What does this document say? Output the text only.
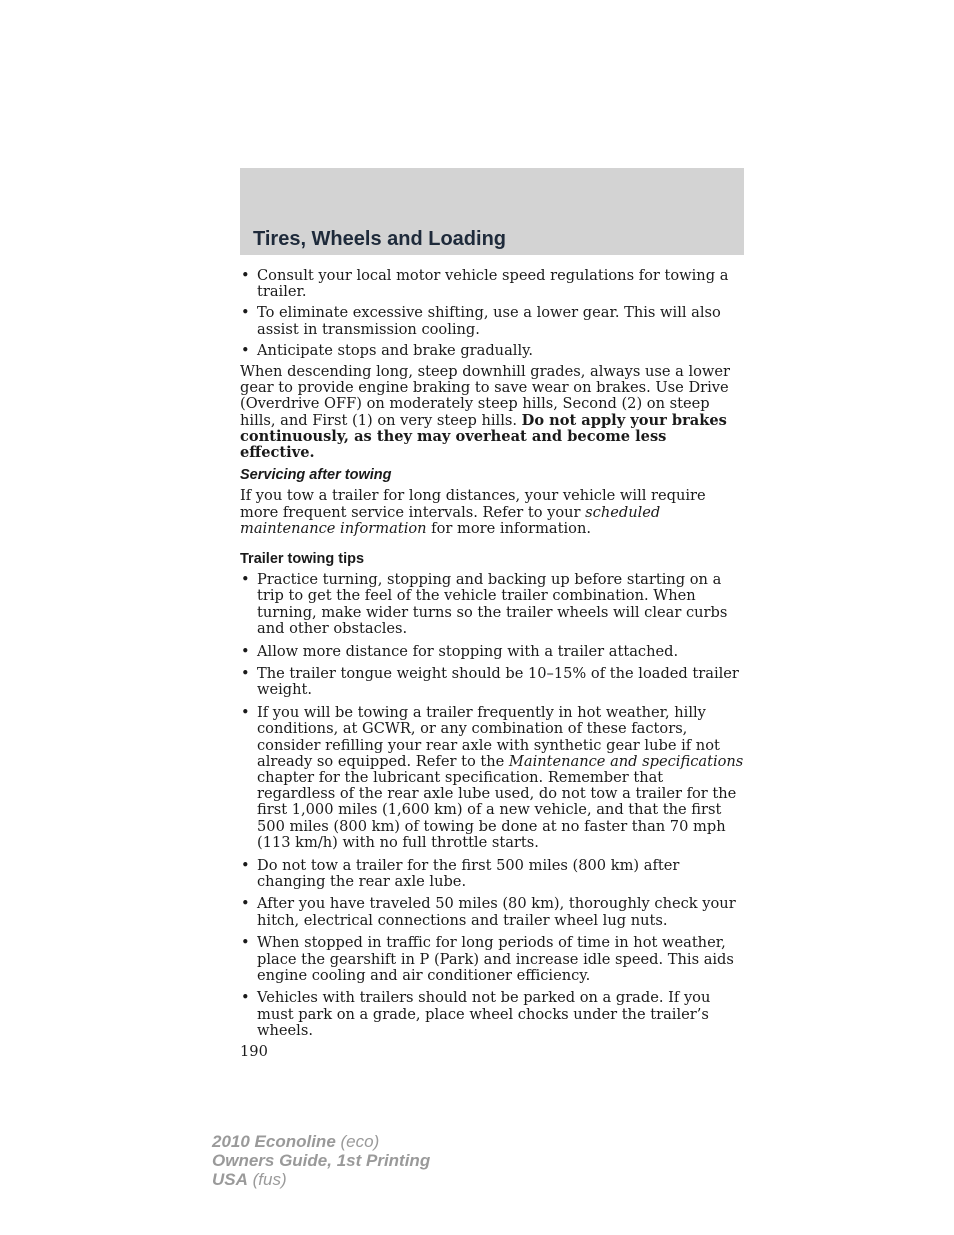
Tires, Wheels and Loading
• Consult your local motor vehicle speed regulations for towing a trailer.
• To eliminate excessive shifting, use a lower gear. This will also assist in transmission cooling.
• Anticipate stops and brake gradually.

When descending long, steep downhill grades, always use a lower gear to provide engine braking to save wear on brakes. Use Drive (Overdrive OFF) on moderately steep hills, Second (2) on steep hills, and First (1) on very steep hills. Do not apply your brakes continuously, as they may overheat and become less effective.

Servicing after towing

If you tow a trailer for long distances, your vehicle will require more frequent service intervals. Refer to your scheduled maintenance information for more information.

Trailer towing tips
• Practice turning, stopping and backing up before starting on a trip to get the feel of the vehicle trailer combination. When turning, make wider turns so the trailer wheels will clear curbs and other obstacles.
• Allow more distance for stopping with a trailer attached.
• The trailer tongue weight should be 10–15% of the loaded trailer weight.
• If you will be towing a trailer frequently in hot weather, hilly conditions, at GCWR, or any combination of these factors, consider refilling your rear axle with synthetic gear lube if not already so equipped. Refer to the Maintenance and specifications chapter for the lubricant specification. Remember that regardless of the rear axle lube used, do not tow a trailer for the first 1,000 miles (1,600 km) of a new vehicle, and that the first 500 miles (800 km) of towing be done at no faster than 70 mph (113 km/h) with no full throttle starts.
• Do not tow a trailer for the first 500 miles (800 km) after changing the rear axle lube.
• After you have traveled 50 miles (80 km), thoroughly check your hitch, electrical connections and trailer wheel lug nuts.
• When stopped in traffic for long periods of time in hot weather, place the gearshift in P (Park) and increase idle speed. This aids engine cooling and air conditioner efficiency.
• Vehicles with trailers should not be parked on a grade. If you must park on a grade, place wheel chocks under the trailer’s wheels.
190
2010 Econoline (eco)
Owners Guide, 1st Printing
USA (fus)
